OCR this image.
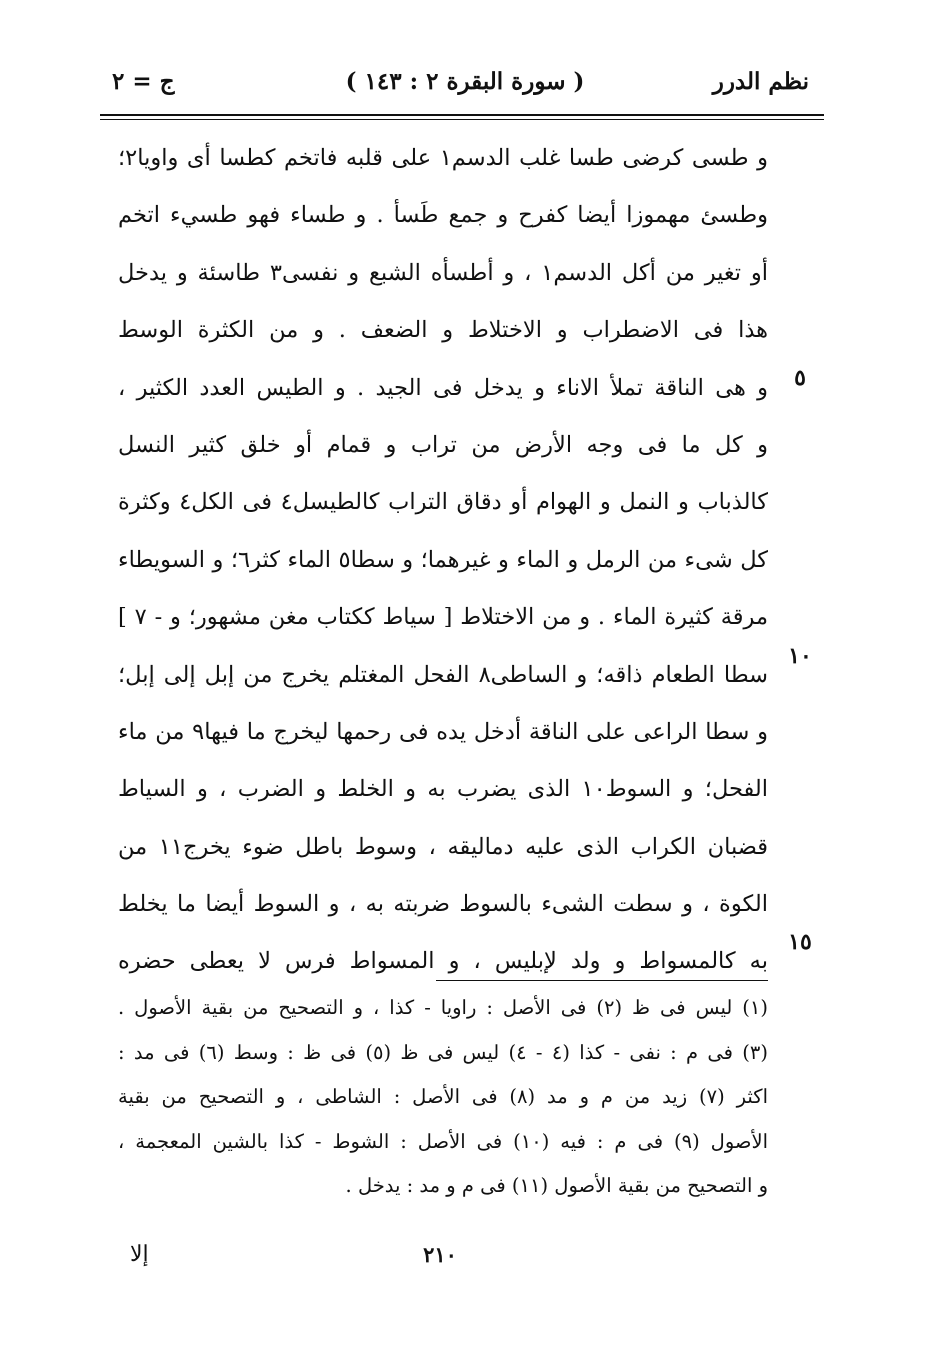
نظم الدرر
( سورة البقرة ٢ : ١٤٣ )
ج = ٢
و طسى كرضى طسا غلب الدسم١ على قلبه فاتخم كطسا أى واويا٢؛
وطسئ مهموزا أيضا كفرح و جمع طَسأ . و طساء فهو طسيء اتخم
أو تغير من أكل الدسم١ ، و أطسأه الشبع و نفسى٣ طاسئة و يدخل
هذا فى الاضطراب و الاختلاط و الضعف . و من الكثرة الوسط
و هى الناقة تملأ الاناء و يدخل فى الجيد . و الطيس العدد الكثير ،
و كل ما فى وجه الأرض من تراب و قمام أو خلق كثير النسل
كالذباب و النمل و الهوام أو دقاق التراب كالطيسل٤ فى الكل٤ وكثرة
كل شىء من الرمل و الماء و غيرهما؛ و سطا٥ الماء كثر٦؛ و السويطاء
مرقة كثيرة الماء . و من الاختلاط [ سياط ككتاب مغن مشهور؛ و - ٧ ]
سطا الطعام ذاقه؛ و الساطى٨ الفحل المغتلم يخرج من إبل إلى إبل؛
و سطا الراعى على الناقة أدخل يده فى رحمها ليخرج ما فيها٩ من ماء
الفحل؛ و السوط١٠ الذى يضرب به و الخلط و الضرب ، و السياط
قضبان الكراب الذى عليه دماليقه ، وسوط باطل ضوء يخرج١١ من
الكوة ، و سطت الشىء بالسوط ضربته به ، و السوط أيضا ما يخلط
به كالمسواط و ولد لإبليس ، و المسواط فرس لا يعطى حضره
٥
١٠
١٥
(١) ليس فى ظ (٢) فى الأصل : راويا - كذا ، و التصحيح من بقية الأصول .
(٣) فى م : نفى - كذا (٤ - ٤) ليس فى ظ (٥) فى ظ : وسط (٦) فى مد :
اكثر (٧) زيد من م و مد (٨) فى الأصل : الشاطى ، و التصحيح من بقية
الأصول (٩) فى م : فيه (١٠) فى الأصل : الشوط - كذا بالشين المعجمة ،
و التصحيح من بقية الأصول (١١) فى م و مد : يدخل .
٢١٠
إلا
